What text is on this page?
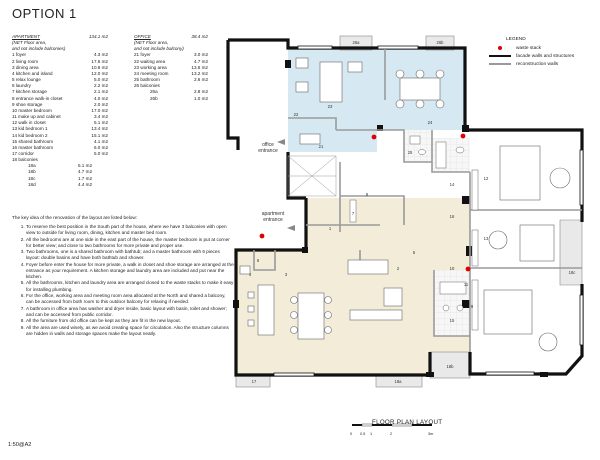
OPTION 1
APARTMENT	134.1 m2
(NET Floor area,
and not include balconies)
1 foyer	4.3 m2
2 living room	17.6 m2
3 dining area	10.8 m2
4 kitchen and island	12.0 m2
5 relax lounge	5.0 m2
6 laundry	2.2 m2
7 kitchen storage	2.1 m2
8 entrance walk-in closet	4.0 m2
9 shoe storage	2.0 m2
10 master bedroom	17.0 m2
11 make up and cabinet	3.4 m2
12 walk in closet	5.1 m2
13 kid bedroom 1	13.4 m2
14 kid bedroom 2	15.1 m2
15 shared bathroom	4.1 m2
16 master bathroom	6.0 m2
17 corridor	5.0 m2
18 balconies
18a	5.1 m2
18b	4.7 m2
18c	1.7 m2
18d	4.4 m2
OFFICE	38.4 m2
(NET Floor area,
and not include balcony)
21 foyer	3.0 m2
22 waiting area	4.7 m2
23 working area	13.6 m2
24 meeting room	13.2 m2
25 bathroom	2.6 m2
26 balconies
26a	2.8 m2
26b	1.0 m2
The key idea of the renovation of the layout are listed below:
1. To reserve the best position in the South part of the house, where we have 3 balconies with open view to outside for living room, dining, kitchen and master bed room.
2. All the bedrooms are at one side in the east part of the house, the master bedroom is put at corner for better view; and close to two bathrooms for more private and proper use.
3. Two bathrooms, one is a shared bathroom with bathtub; and a master bathroom with 6 pieces layout: double basins and have both bathtub and shower.
4. Foyer before enter the house for more private, a walk in closet and shoe storage are arranged at the entrance as your requirement. A kitchen storage and laundry area are included and put near the kitchen.
5. All the bathrooms, kitchen and laundry area are arranged closed to the waste stacks to make it easy for installing plumbing.
6. For the office, working area and meeting room area allocated at the North and shared a balcony, can be accessed from both room to this outdoor balcony for relaxing if needed.
7. A bathroom in office area has washer and dryer inside, basic layout with basin, toilet and shower; and can be accessed from public corridor.
8. All the furniture from old office can be kept as they are fit in the new layout.
9. All the area are used wisely, as we avoid creating space for circulation. Also the structure columns are hidden in walls and storage spaces make the layout neatly.
LEGEND
waste stack
facade walls and structures
reconstruction walls
office
entrance
apartment
entrance
21
22
23
24
25
26a	26b
1
2
3
4
5
6
7
8
9
10
11
12
13
14
15
16
17	18a
18b
18c
FLOOR PLAN LAYOUT
0	0.5	1	2	3m
1:50@A2
